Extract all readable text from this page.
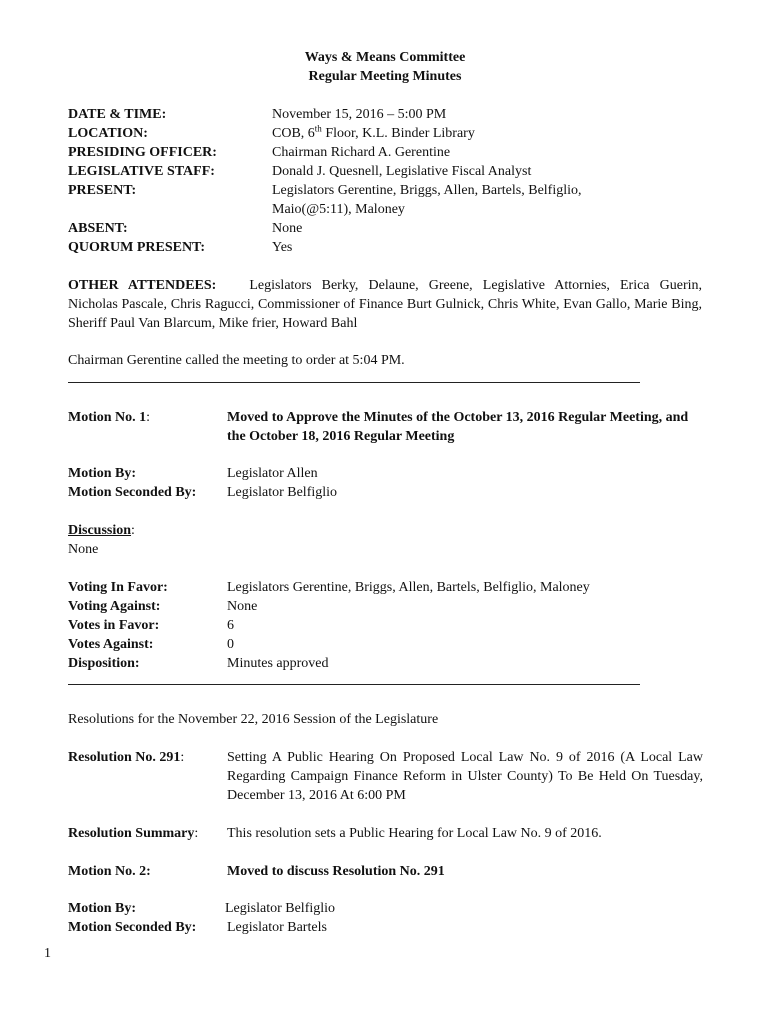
Ways & Means Committee
Regular Meeting Minutes
DATE & TIME:	November 15, 2016 – 5:00 PM
LOCATION:	COB, 6th Floor, K.L. Binder Library
PRESIDING OFFICER:	Chairman Richard A. Gerentine
LEGISLATIVE STAFF:	Donald J. Quesnell, Legislative Fiscal Analyst
PRESENT:	Legislators Gerentine, Briggs, Allen, Bartels, Belfiglio, Maio(@5:11), Maloney
ABSENT:	None
QUORUM PRESENT:	Yes
OTHER ATTENDEES: Legislators Berky, Delaune, Greene, Legislative Attornies, Erica Guerin, Nicholas Pascale, Chris Ragucci, Commissioner of Finance Burt Gulnick, Chris White, Evan Gallo, Marie Bing, Sheriff Paul Van Blarcum, Mike frier, Howard Bahl
Chairman Gerentine called the meeting to order at 5:04 PM.
Motion No. 1:	Moved to Approve the Minutes of the October 13, 2016 Regular Meeting, and the October 18, 2016 Regular Meeting
Motion By:	Legislator Allen
Motion Seconded By: Legislator Belfiglio
Discussion:
None
Voting In Favor:	Legislators Gerentine, Briggs, Allen, Bartels, Belfiglio, Maloney
Voting Against:	None
Votes in Favor:	6
Votes Against:	0
Disposition:	Minutes approved
Resolutions for the November 22, 2016 Session of the Legislature
Resolution No. 291:	Setting A Public Hearing On Proposed Local Law No. 9 of 2016 (A Local Law Regarding Campaign Finance Reform in Ulster County) To Be Held On Tuesday, December 13, 2016 At 6:00 PM
Resolution Summary: This resolution sets a Public Hearing for Local Law No. 9 of 2016.
Motion No. 2:	Moved to discuss Resolution No. 291
Motion By:	Legislator Belfiglio
Motion Seconded By: Legislator Bartels
1
